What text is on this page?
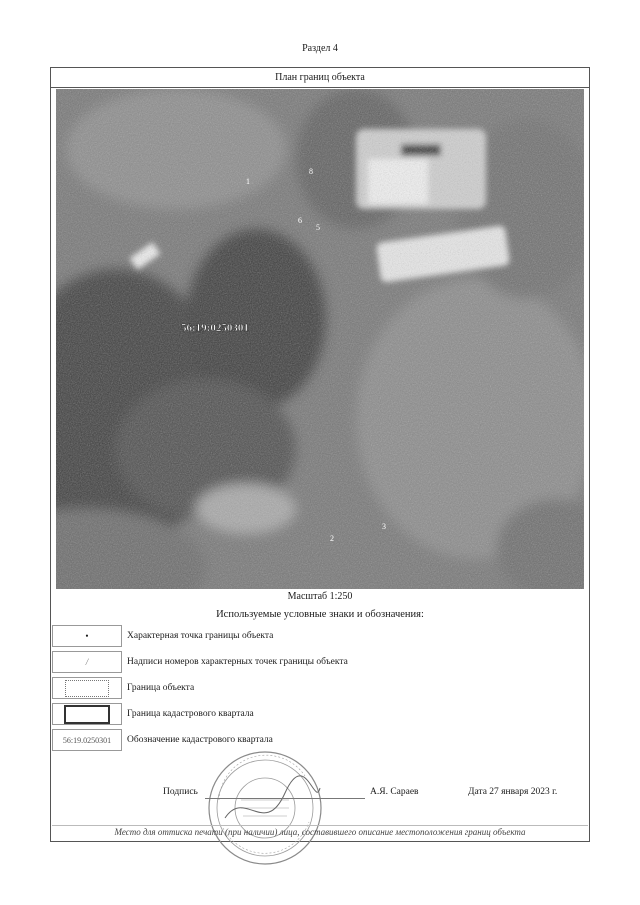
Раздел 4
План границ объекта
56:19:0250301
1
8
6
5
3
2
Масштаб 1:250
Используемые условные знаки и обозначения:
•	Характерная точка границы объекта
/	Надписи номеров характерных точек границы объекта
Граница объекта
Граница кадастрового квартала
56:19.0250301 Обозначение кадастрового квартала
Подпись	А.Я. Сараев	Дата 27 января 2023 г.
Место для оттиска печати (при наличии) лица, составившего описание местоположения границ объекта
